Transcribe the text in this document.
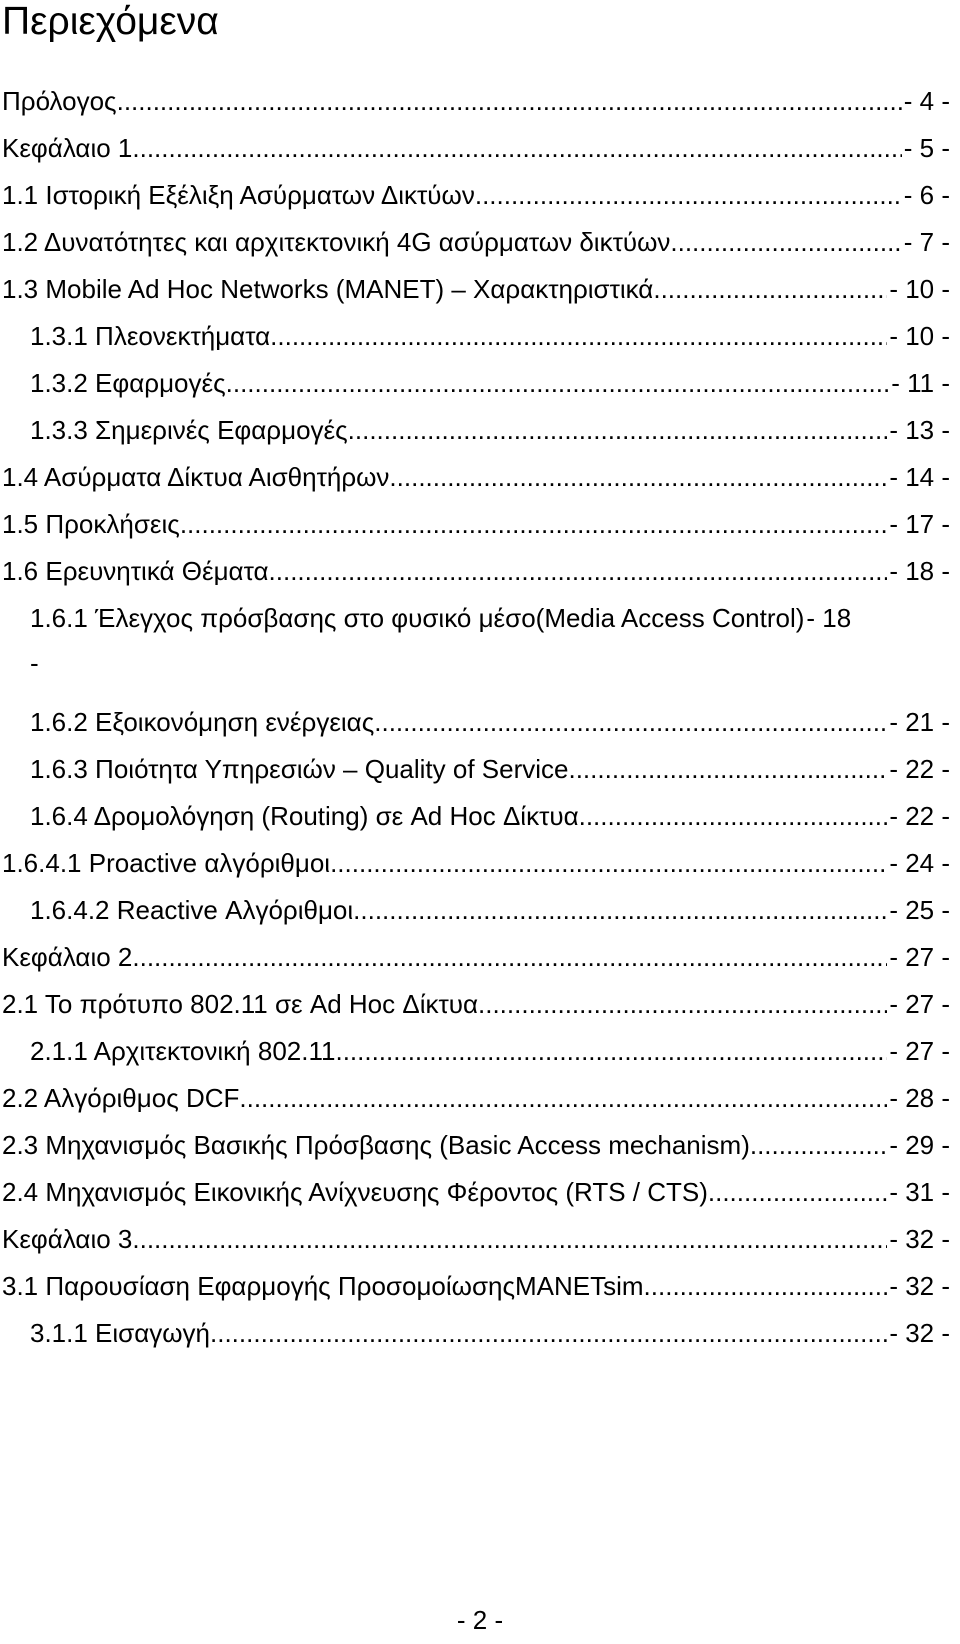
Περιεχόμενα
Πρόλογος .....	- 4 -
Κεφάλαιο 1 .....	- 5 -
1.1 Ιστορική Εξέλιξη Ασύρματων Δικτύων. .....	- 6 -
1.2 Δυνατότητες και αρχιτεκτονική 4G ασύρματων δικτύων. .....	- 7 -
1.3 Mobile Ad Hoc Networks (MANET) – Χαρακτηριστικά .....	- 10 -
1.3.1 Πλεονεκτήματα. .....	- 10 -
1.3.2 Εφαρμογές. .....	- 11 -
1.3.3 Σημερινές Εφαρμογές. .....	- 13 -
1.4 Ασύρματα Δίκτυα Αισθητήρων. .....	- 14 -
1.5 Προκλήσεις .....	- 17 -
1.6 Ερευνητικά Θέματα. .....	- 18 -
1.6.1 Έλεγχος πρόσβασης στο φυσικό μέσο(Media Access Control) - 18
-
1.6.2 Εξοικονόμηση ενέργειας. .....	- 21 -
1.6.3 Ποιότητα Υπηρεσιών – Quality of Service .....	- 22 -
1.6.4 Δρομολόγηση (Routing) σε Ad Hoc Δίκτυα .....	- 22 -
1.6.4.1 Proactive αλγόριθμοι. .....	- 24 -
1.6.4.2 Reactive Αλγόριθμοι. .....	- 25 -
Κεφάλαιο 2 .....	- 27 -
2.1 Το πρότυπο 802.11 σε Ad Hoc Δίκτυα. .....	- 27 -
2.1.1 Αρχιτεκτονική 802.11. .....	- 27 -
2.2 Αλγόριθμος DCF .....	- 28 -
2.3 Μηχανισμός Βασικής Πρόσβασης (Basic Access mechanism) .....	- 29 -
2.4 Μηχανισμός Εικονικής Ανίχνευσης Φέροντος (RTS / CTS). .....	- 31 -
Κεφάλαιο 3 .....	- 32 -
3.1 Παρουσίαση Εφαρμογής ΠροσομοίωσηςMANETsim. .....	- 32 -
3.1.1 Εισαγωγή. .....	- 32 -
- 2 -
